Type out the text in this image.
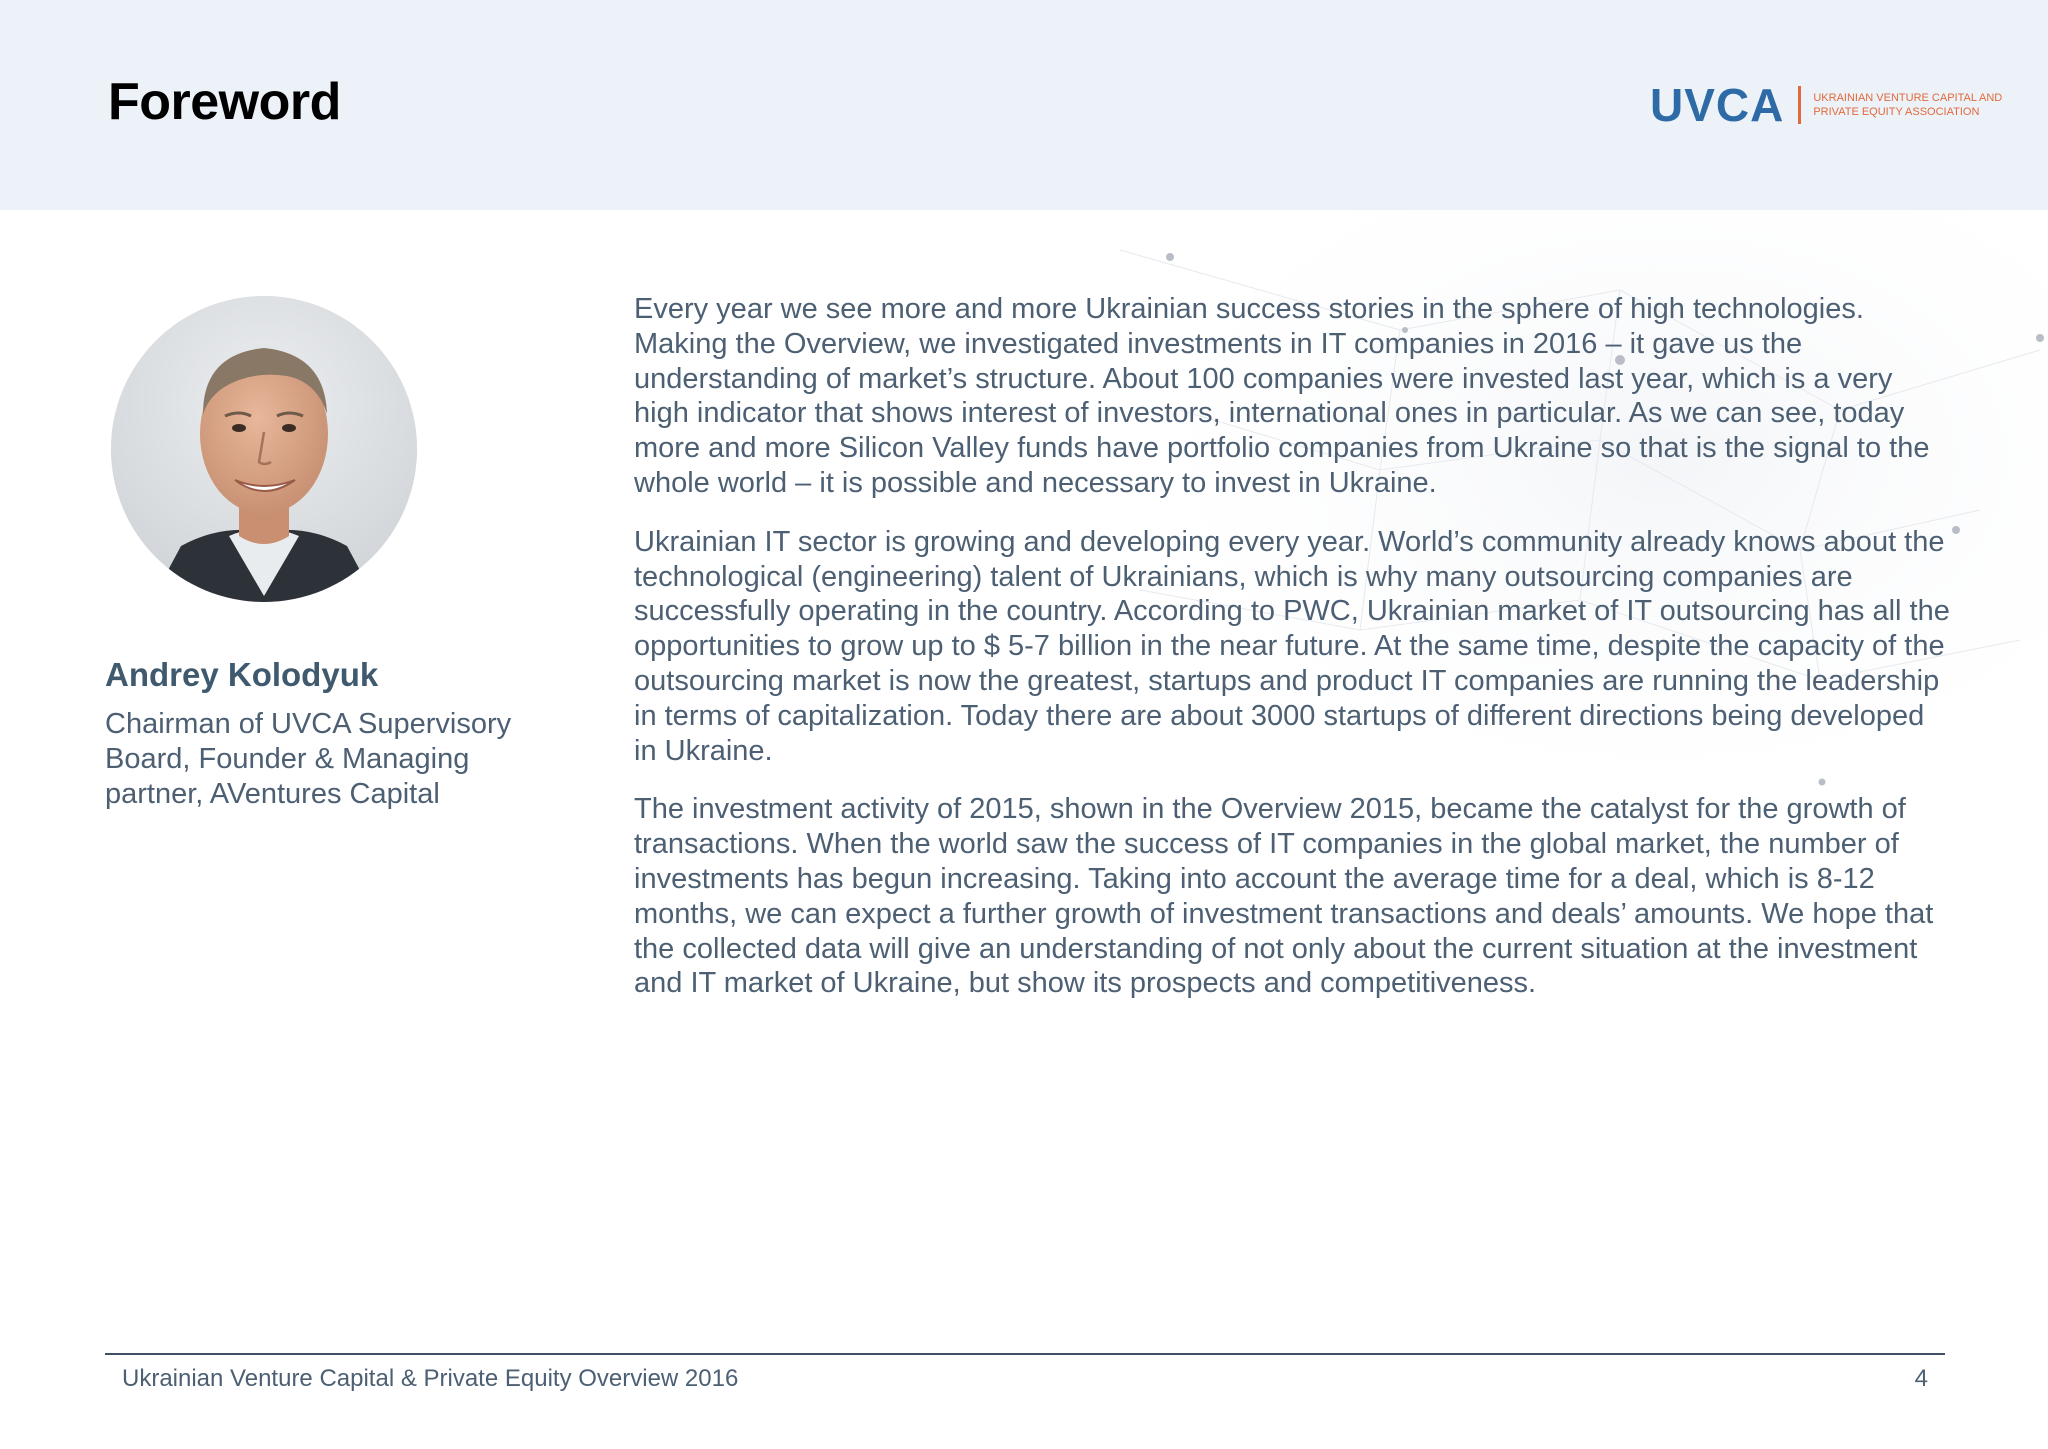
Foreword	UVCA	UKRAINIAN VENTURE CAPITAL AND
PRIVATE EQUITY ASSOCIATION
Andrey Kolodyuk
Chairman of UVCA Supervisory Board, Founder & Managing partner, AVentures Capital

Every year we see more and more Ukrainian success stories in the sphere of high technologies. Making the Overview, we investigated investments in IT companies in 2016 – it gave us the understanding of market’s structure. About 100 companies were invested last year, which is a very high indicator that shows interest of investors, international ones in particular. As we can see, today more and more Silicon Valley funds have portfolio companies from Ukraine so that is the signal to the whole world – it is possible and necessary to invest in Ukraine.

Ukrainian IT sector is growing and developing every year. World’s community already knows about the technological (engineering) talent of Ukrainians, which is why many outsourcing companies are successfully operating in the country. According to PWC, Ukrainian market of IT outsourcing has all the opportunities to grow up to $ 5-7 billion in the near future. At the same time, despite the capacity of the outsourcing market is now the greatest, startups and product IT companies are running the leadership in terms of capitalization. Today there are about 3000 startups of different directions being developed in Ukraine.

The investment activity of 2015, shown in the Overview 2015, became the catalyst for the growth of transactions. When the world saw the success of IT companies in the global market, the number of investments has begun increasing. Taking into account the average time for a deal, which is 8-12 months, we can expect a further growth of investment transactions and deals’ amounts. We hope that the collected data will give an understanding of not only about the current situation at the investment and IT market of Ukraine, but show its prospects and competitiveness.

Ukrainian Venture Capital & Private Equity Overview 2016	4
